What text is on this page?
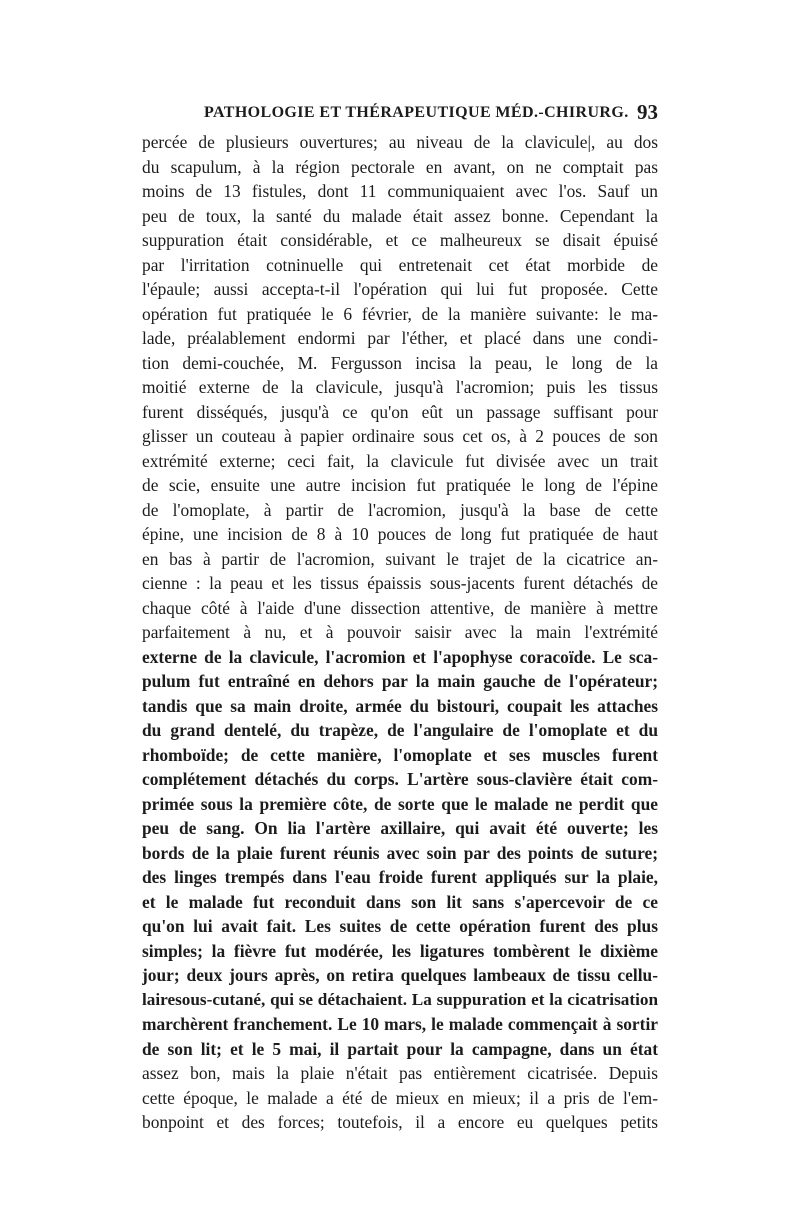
PATHOLOGIE ET THÉRAPEUTIQUE MÉD.-CHIRURG. 93
percée de plusieurs ouvertures; au niveau de la clavicule|, au dos
du scapulum, à la région pectorale en avant, on ne comptait pas
moins de 13 fistules, dont 11 communiquaient avec l'os. Sauf un
peu de toux, la santé du malade était assez bonne. Cependant la
suppuration était considérable, et ce malheureux se disait épuisé
par l'irritation cotninuelle qui entretenait cet état morbide de
l'épaule; aussi accepta-t-il l'opération qui lui fut proposée. Cette
opération fut pratiquée le 6 février, de la manière suivante: le ma-
lade, préalablement endormi par l'éther, et placé dans une condi-
tion demi-couchée, M. Fergusson incisa la peau, le long de la
moitié externe de la clavicule, jusqu'à l'acromion; puis les tissus
furent disséqués, jusqu'à ce qu'on eût un passage suffisant pour
glisser un couteau à papier ordinaire sous cet os, à 2 pouces de son
extrémité externe; ceci fait, la clavicule fut divisée avec un trait
de scie, ensuite une autre incision fut pratiquée le long de l'épine
de l'omoplate, à partir de l'acromion, jusqu'à la base de cette
épine, une incision de 8 à 10 pouces de long fut pratiquée de haut
en bas à partir de l'acromion, suivant le trajet de la cicatrice an-
cienne : la peau et les tissus épaissis sous-jacents furent détachés de
chaque côté à l'aide d'une dissection attentive, de manière à mettre
parfaitement à nu, et à pouvoir saisir avec la main l'extrémité
externe de la clavicule, l'acromion et l'apophyse coracoïde. Le sca-
pulum fut entraîné en dehors par la main gauche de l'opérateur;
tandis que sa main droite, armée du bistouri, coupait les attaches
du grand dentelé, du trapèze, de l'angulaire de l'omoplate et du
rhomboïde; de cette manière, l'omoplate et ses muscles furent
complétement détachés du corps. L'artère sous-clavière était com-
primée sous la première côte, de sorte que le malade ne perdit que
peu de sang. On lia l'artère axillaire, qui avait été ouverte; les
bords de la plaie furent réunis avec soin par des points de suture;
des linges trempés dans l'eau froide furent appliqués sur la plaie,
et le malade fut reconduit dans son lit sans s'apercevoir de ce
qu'on lui avait fait. Les suites de cette opération furent des plus
simples; la fièvre fut modérée, les ligatures tombèrent le dixième
jour; deux jours après, on retira quelques lambeaux de tissu cellu-
lairesous-cutané, qui se détachaient. La suppuration et la cicatrisation
marchèrent franchement. Le 10 mars, le malade commençait à sortir
de son lit; et le 5 mai, il partait pour la campagne, dans un état
assez bon, mais la plaie n'était pas entièrement cicatrisée. Depuis
cette époque, le malade a été de mieux en mieux; il a pris de l'em-
bonpoint et des forces; toutefois, il a encore eu quelques petits
